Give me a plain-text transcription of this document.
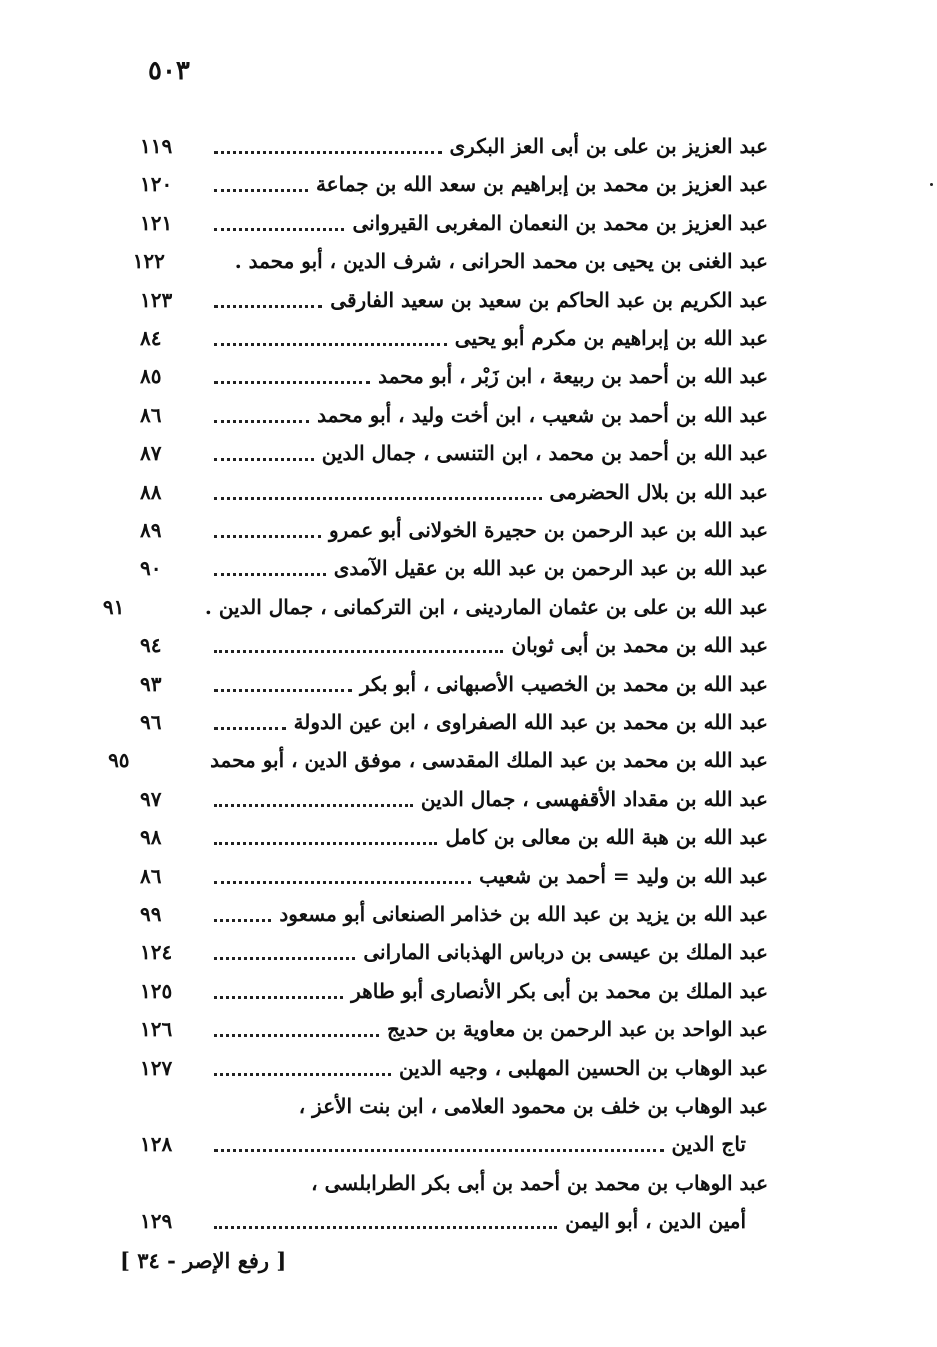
٥٠٣
عبد العزيز بن على بن أبى العز البكرى
١١٩
عبد العزيز بن محمد بن إبراهيم بن سعد الله بن جماعة
١٢٠
عبد العزيز بن محمد بن النعمان المغربى القيروانى
١٢١
عبد الغنى بن يحيى بن محمد الحرانى ، شرف الدين ، أبو محمد .
١٢٢
عبد الكريم بن عبد الحاكم بن سعيد بن سعيد الفارقى
١٢٣
عبد الله بن إبراهيم بن مكرم أبو يحيى
٨٤
عبد الله بن أحمد بن ربيعة ، ابن زَبْر ، أبو محمد
٨٥
عبد الله بن أحمد بن شعيب ، ابن أخت وليد ، أبو محمد
٨٦
عبد الله بن أحمد بن محمد ، ابن التنسى ، جمال الدين
٨٧
عبد الله بن بلال الحضرمى
٨٨
عبد الله بن عبد الرحمن بن حجيرة الخولانى أبو عمرو
٨٩
عبد الله بن عبد الرحمن بن عبد الله بن عقيل الآمدى
٩٠
عبد الله بن على بن عثمان الماردينى ، ابن التركمانى ، جمال الدين .
٩١
عبد الله بن محمد بن أبى ثوبان
٩٤
عبد الله بن محمد بن الخصيب الأصبهانى ، أبو بكر
٩٣
عبد الله بن محمد بن عبد الله الصفراوى ، ابن عين الدولة
٩٦
عبد الله بن محمد بن عبد الملك المقدسى ، موفق الدين ، أبو محمد
٩٥
عبد الله بن مقداد الأقفهسى ، جمال الدين
٩٧
عبد الله بن هبة الله بن معالى بن كامل
٩٨
عبد الله بن وليد = أحمد بن شعيب
٨٦
عبد الله بن يزيد بن عبد الله بن خذامر الصنعانى أبو مسعود
٩٩
عبد الملك بن عيسى بن درباس الهذبانى المارانى
١٢٤
عبد الملك بن محمد بن أبى بكر الأنصارى أبو طاهر
١٢٥
عبد الواحد بن عبد الرحمن بن معاوية بن حديج
١٢٦
عبد الوهاب بن الحسين المهلبى ، وجيه الدين
١٢٧
عبد الوهاب بن خلف بن محمود العلامى ، ابن بنت الأعز ،
تاج الدين
١٢٨
عبد الوهاب بن محمد بن أحمد بن أبى بكر الطرابلسى ،
أمين الدين ، أبو اليمن
١٢٩
[ رفع الإصر - ٣٤ ]
